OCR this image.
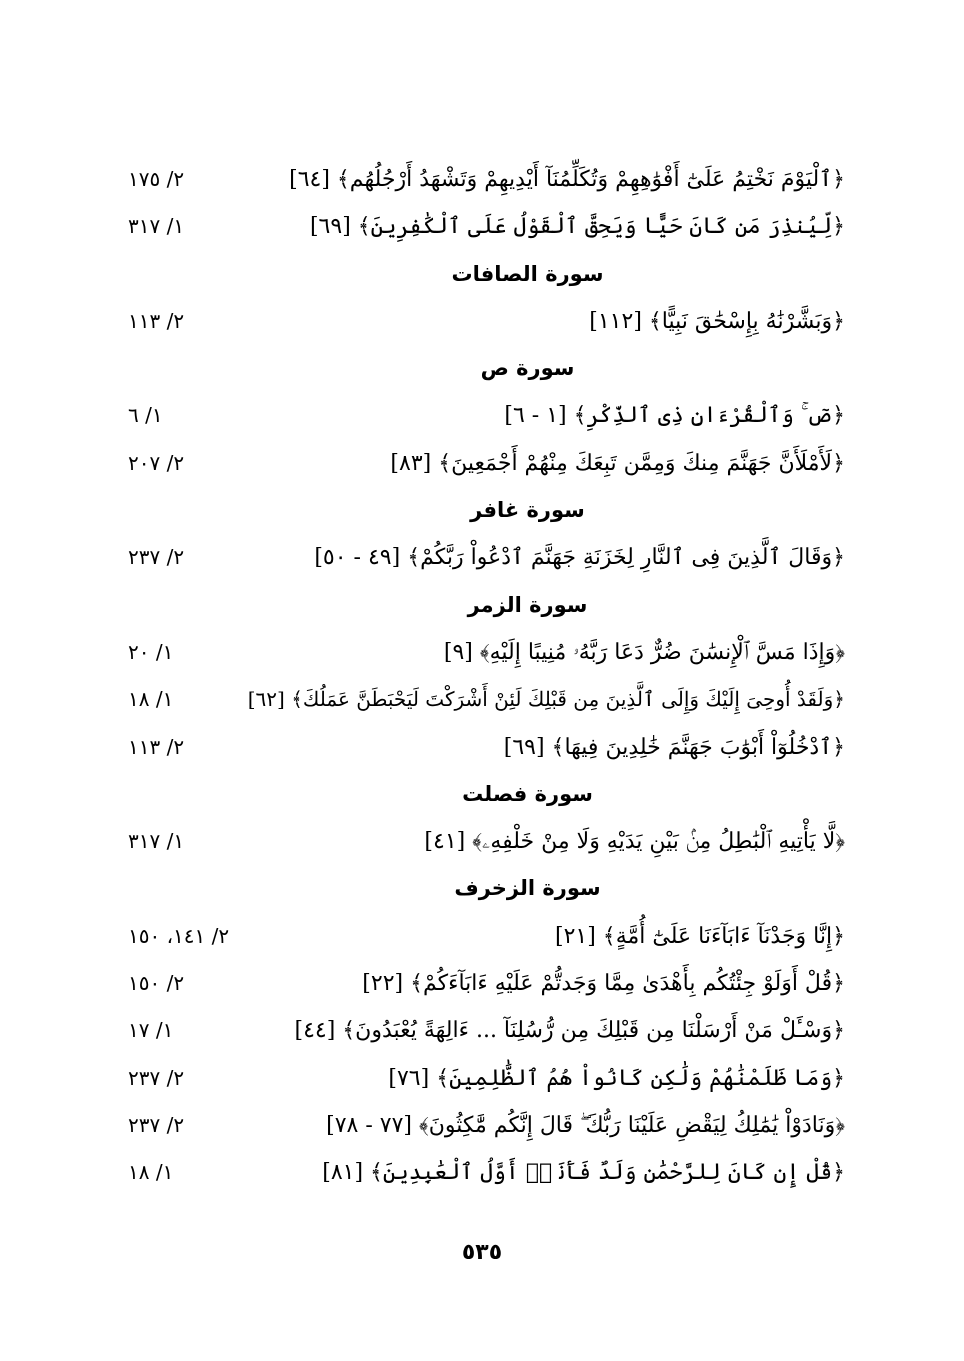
﴿ٱلْيَوْمَ نَخْتِمُ عَلَىٰٓ أَفْوَٰهِهِمْ وَتُكَلِّمُنَآ أَيْدِيهِمْ وَتَشْهَدُ أَرْجُلُهُم﴾ [٦٤]
٢/ ١٧٥
﴿لِّيُنذِرَ مَن كَانَ حَيًّا وَيَحِقَّ ٱلْقَوْلُ عَلَى ٱلْكَٰفِرِينَ﴾ [٦٩]
١/ ٣١٧
سورة الصافات
﴿وَبَشَّرْنَٰهُ بِإِسْحَٰقَ نَبِيًّا﴾ [١١٢]
٢/ ١١٣
سورة ص
﴿صٓ ۚ وَٱلْقُرْءَانِ ذِى ٱلذِّكْرِ﴾ [١ - ٦]
١/ ٦
﴿لَأَمْلَأَنَّ جَهَنَّمَ مِنكَ وَمِمَّن تَبِعَكَ مِنْهُمْ أَجْمَعِينَ﴾ [٨٣]
٢/ ٢٠٧
سورة غافر
﴿وَقَالَ ٱلَّذِينَ فِى ٱلنَّارِ لِخَزَنَةِ جَهَنَّمَ ٱدْعُواْ رَبَّكُمْ﴾ [٤٩ - ٥٠]
٢/ ٢٣٧
سورة الزمر
﴿وَإِذَا مَسَّ ٱلْإِنسَٰنَ ضُرٌّ دَعَا رَبَّهُۥ مُنِيبًا إِلَيْهِ﴾ [٩]
١/ ٢٠
﴿وَلَقَدْ أُوحِىَ إِلَيْكَ وَإِلَى ٱلَّذِينَ مِن قَبْلِكَ لَئِنْ أَشْرَكْتَ لَيَحْبَطَنَّ عَمَلُكَ﴾ [٦٢]
١/ ١٨
﴿ٱدْخُلُوٓاْ أَبْوَٰبَ جَهَنَّمَ خَٰلِدِينَ فِيهَا﴾ [٦٩]
٢/ ١١٣
سورة فصلت
﴿لَّا يَأْتِيهِ ٱلْبَٰطِلُ مِنۢ بَيْنِ يَدَيْهِ وَلَا مِنْ خَلْفِهِۦ﴾ [٤١]
١/ ٣١٧
سورة الزخرف
﴿إِنَّا وَجَدْنَآ ءَابَآءَنَا عَلَىٰٓ أُمَّةٍ﴾ [٢١]
٢/ ١٤١، ١٥٠
﴿قُلْ أَوَلَوْ جِئْتُكُم بِأَهْدَىٰ مِمَّا وَجَدتُّمْ عَلَيْهِ ءَابَآءَكُمْ﴾ [٢٢]
٢/ ١٥٠
﴿وَسْـَٔلْ مَنْ أَرْسَلْنَا مِن قَبْلِكَ مِن رُّسُلِنَآ ... ءَالِهَةً يُعْبَدُونَ﴾ [٤٤]
١/ ١٧
﴿وَمَا ظَلَمْنَٰهُمْ وَلَٰكِن كَانُواْ هُمُ ٱلظَّٰلِمِينَ﴾ [٧٦]
٢/ ٢٣٧
﴿وَنَادَوْاْ يَٰمَٰلِكُ لِيَقْضِ عَلَيْنَا رَبُّكَ ۖ قَالَ إِنَّكُم مَّٰكِثُونَ﴾ [٧٧ - ٧٨]
٢/ ٢٣٧
﴿قُلْ إِن كَانَ لِلرَّحْمَٰنِ وَلَدٌ فَأَنَا۠ أَوَّلُ ٱلْعَٰبِدِينَ﴾ [٨١]
١/ ١٨
٥٣٥
